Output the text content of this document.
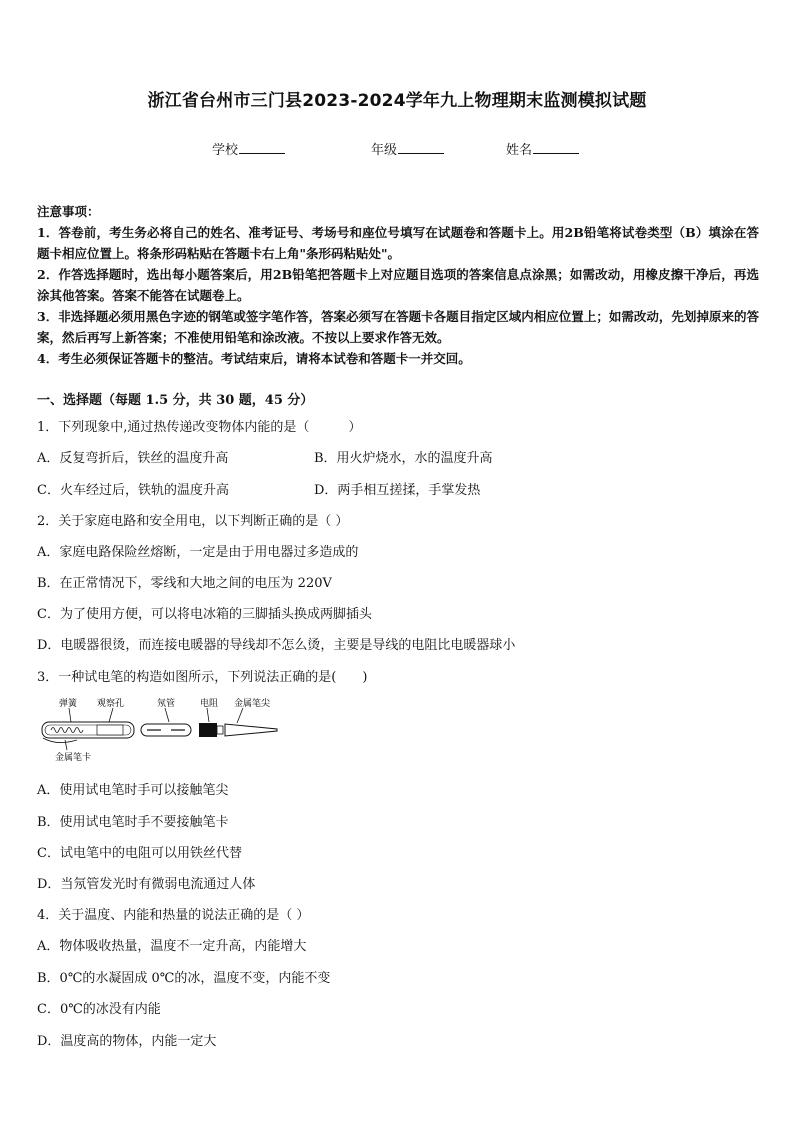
浙江省台州市三门县2023-2024学年九上物理期末监测模拟试题
学校	年级	姓名

注意事项：

1．答卷前，考生务必将自己的姓名、准考证号、考场号和座位号填写在试题卷和答题卡上。用2B铅笔将试卷类型（B）填涂在答题卡相应位置上。将条形码粘贴在答题卡右上角"条形码粘贴处"。

2．作答选择题时，选出每小题答案后，用2B铅笔把答题卡上对应题目选项的答案信息点涂黑；如需改动，用橡皮擦干净后，再选涂其他答案。答案不能答在试题卷上。

3．非选择题必须用黑色字迹的钢笔或签字笔作答，答案必须写在答题卡各题目指定区域内相应位置上；如需改动，先划掉原来的答案，然后再写上新答案；不准使用铅笔和涂改液。不按以上要求作答无效。

4．考生必须保证答题卡的整洁。考试结束后，请将本试卷和答题卡一并交回。

一、选择题（每题 1.5 分，共 30 题，45 分）
1．下列现象中,通过热传递改变物体内能的是（　　　）
A．反复弯折后，铁丝的温度升高	B．用火炉烧水，水的温度升高
C．火车经过后，铁轨的温度升高	D．两手相互搓揉，手掌发热
2．关于家庭电路和安全用电，以下判断正确的是（ ）
A．家庭电路保险丝熔断，一定是由于用电器过多造成的
B．在正常情况下，零线和大地之间的电压为 220V
C．为了使用方便，可以将电冰箱的三脚插头换成两脚插头
D．电暖器很烫，而连接电暖器的导线却不怎么烫，主要是导线的电阻比电暖器球小
3．一种试电笔的构造如图所示，下列说法正确的是(　　)
弹簧 观察孔	氖管	电阻 金属笔尖
金属笔卡
A．使用试电笔时手可以接触笔尖
B．使用试电笔时手不要接触笔卡
C．试电笔中的电阻可以用铁丝代替
D．当氖管发光时有微弱电流通过人体
4．关于温度、内能和热量的说法正确的是（ ）
A．物体吸收热量，温度不一定升高，内能增大
B．0℃的水凝固成 0℃的冰，温度不变，内能不变
C．0℃的冰没有内能
D．温度高的物体，内能一定大
